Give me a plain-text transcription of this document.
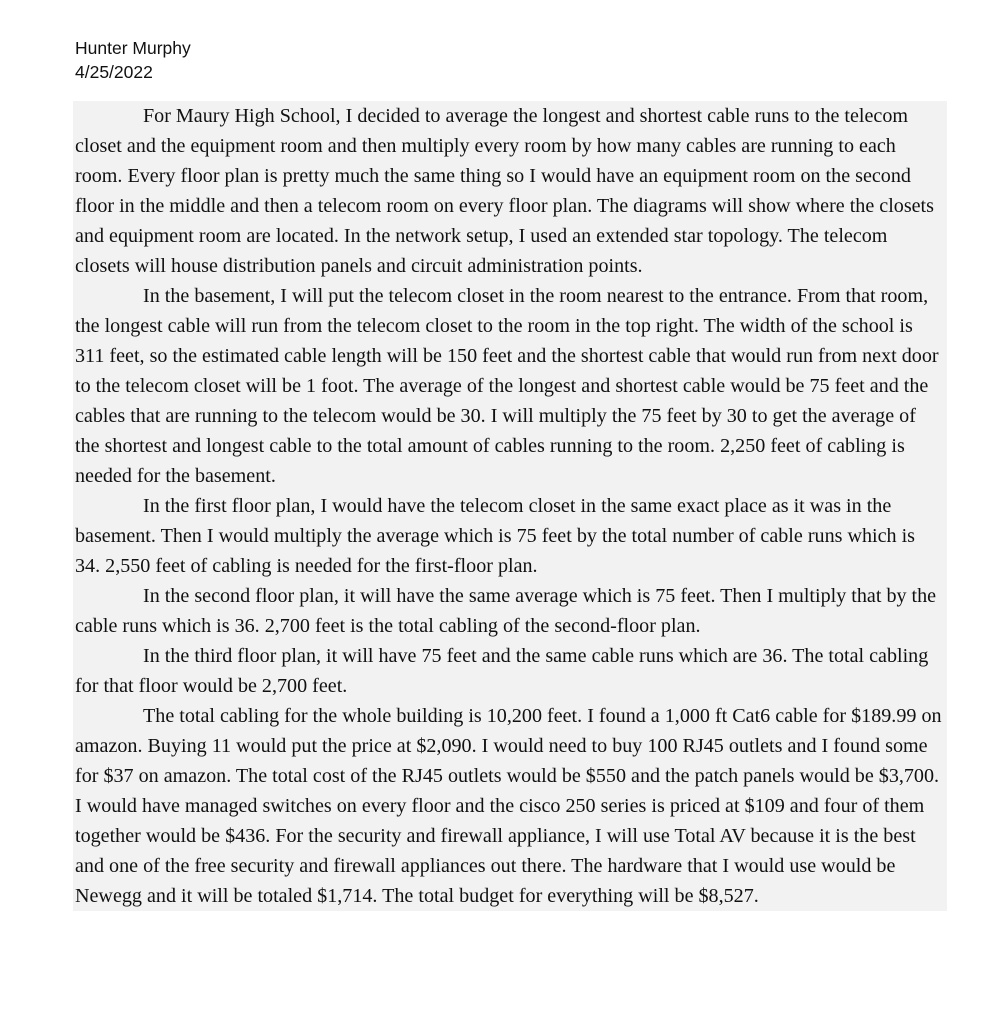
Hunter Murphy
4/25/2022

For Maury High School, I decided to average the longest and shortest cable runs to the telecom closet and the equipment room and then multiply every room by how many cables are running to each room. Every floor plan is pretty much the same thing so I would have an equipment room on the second floor in the middle and then a telecom room on every floor plan. The diagrams will show where the closets and equipment room are located. In the network setup, I used an extended star topology. The telecom closets will house distribution panels and circuit administration points.

In the basement, I will put the telecom closet in the room nearest to the entrance. From that room, the longest cable will run from the telecom closet to the room in the top right. The width of the school is 311 feet, so the estimated cable length will be 150 feet and the shortest cable that would run from next door to the telecom closet will be 1 foot. The average of the longest and shortest cable would be 75 feet and the cables that are running to the telecom would be 30. I will multiply the 75 feet by 30 to get the average of the shortest and longest cable to the total amount of cables running to the room. 2,250 feet of cabling is needed for the basement.

In the first floor plan, I would have the telecom closet in the same exact place as it was in the basement. Then I would multiply the average which is 75 feet by the total number of cable runs which is 34. 2,550 feet of cabling is needed for the first-floor plan.

In the second floor plan, it will have the same average which is 75 feet. Then I multiply that by the cable runs which is 36. 2,700 feet is the total cabling of the second-floor plan.

In the third floor plan, it will have 75 feet and the same cable runs which are 36. The total cabling for that floor would be 2,700 feet.

The total cabling for the whole building is 10,200 feet. I found a 1,000 ft Cat6 cable for $189.99 on amazon. Buying 11 would put the price at $2,090. I would need to buy 100 RJ45 outlets and I found some for $37 on amazon. The total cost of the RJ45 outlets would be $550 and the patch panels would be $3,700. I would have managed switches on every floor and the cisco 250 series is priced at $109 and four of them together would be $436. For the security and firewall appliance, I will use Total AV because it is the best and one of the free security and firewall appliances out there. The hardware that I would use would be Newegg and it will be totaled $1,714. The total budget for everything will be $8,527.
